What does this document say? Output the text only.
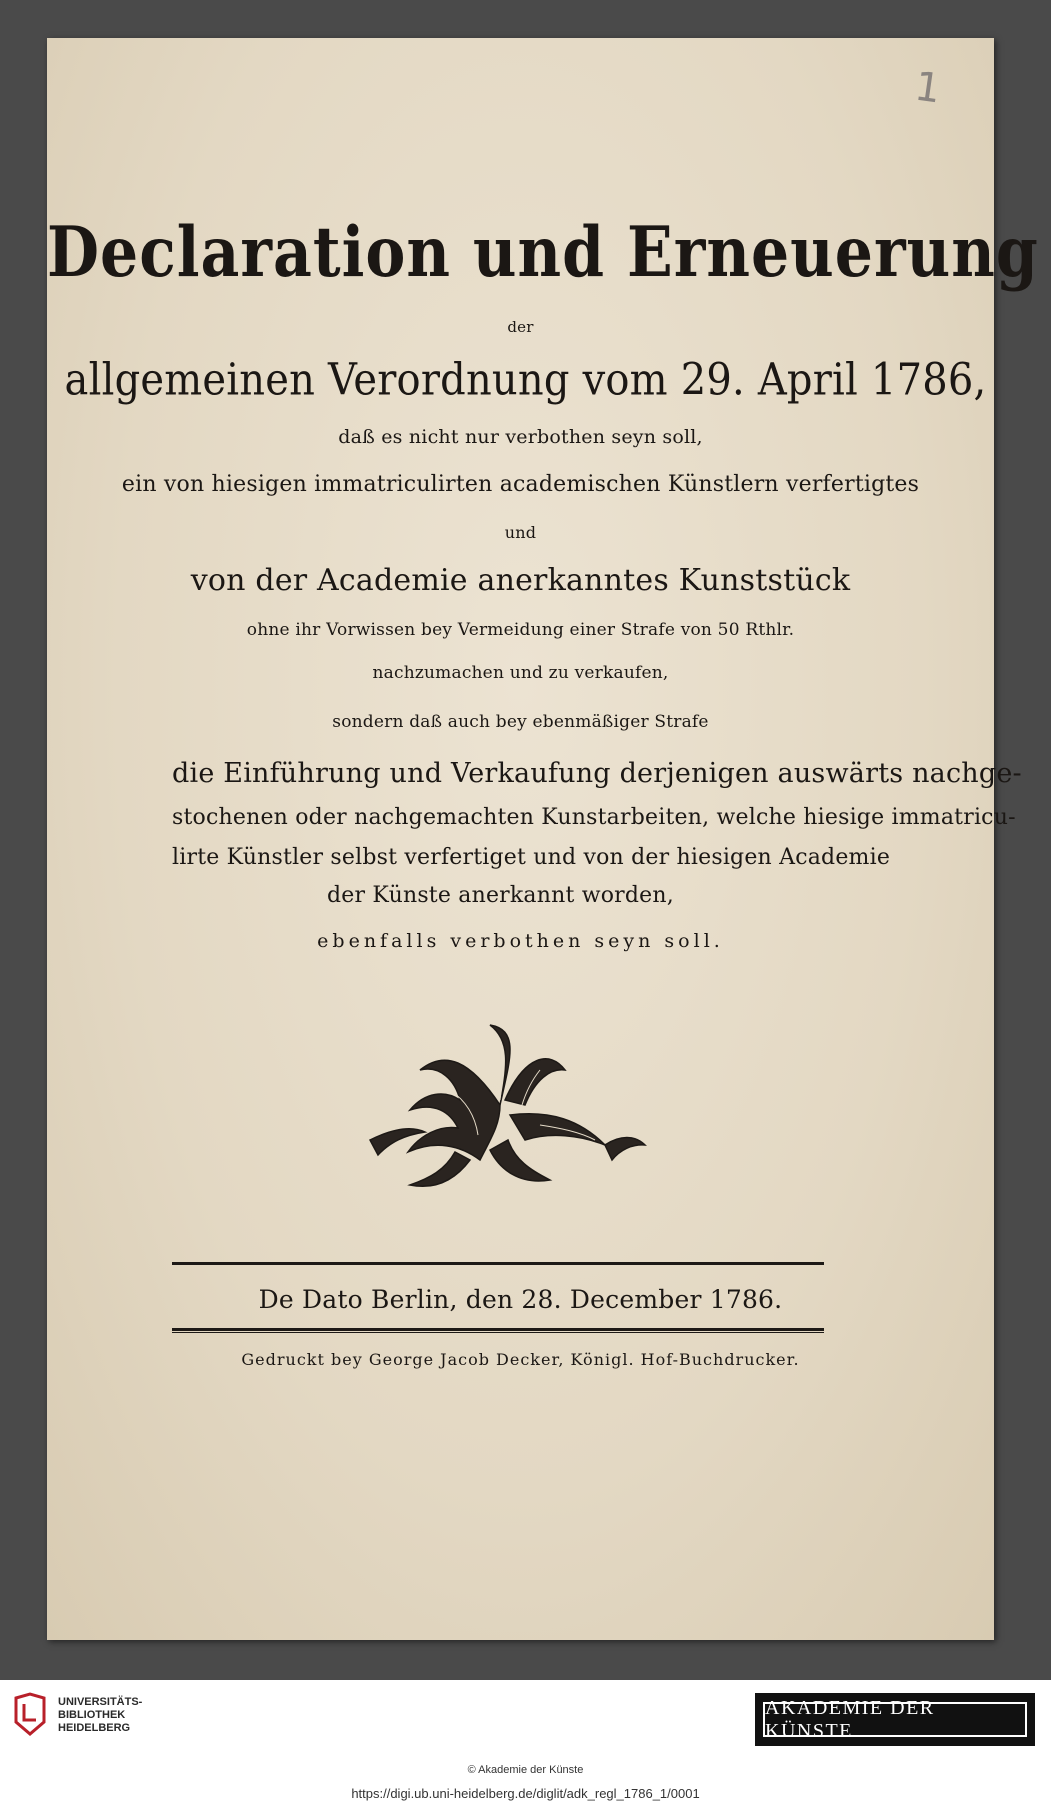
1
Declaration und Erneuerung
der
allgemeinen Verordnung vom 29. April 1786,
daß es nicht nur verbothen seyn soll,
ein von hiesigen immatriculirten academischen Künstlern verfertigtes
und
von der Academie anerkanntes Kunststück
ohne ihr Vorwissen bey Vermeidung einer Strafe von 50 Rthlr.
nachzumachen und zu verkaufen,
sondern daß auch bey ebenmäßiger Strafe
die Einführung und Verkaufung derjenigen auswärts nachge-
stochenen oder nachgemachten Kunstarbeiten, welche hiesige immatricu-
lirte Künstler selbst verfertiget und von der hiesigen Academie
der Künste anerkannt worden,
ebenfalls verbothen seyn soll.
De Dato Berlin, den 28. December 1786.
Gedruckt bey George Jacob Decker, Königl. Hof-Buchdrucker.
UNIVERSITÄTS-
BIBLIOTHEK
HEIDELBERG
AKADEMIE DER KÜNSTE
© Akademie der Künste
https://digi.ub.uni-heidelberg.de/diglit/adk_regl_1786_1/0001
